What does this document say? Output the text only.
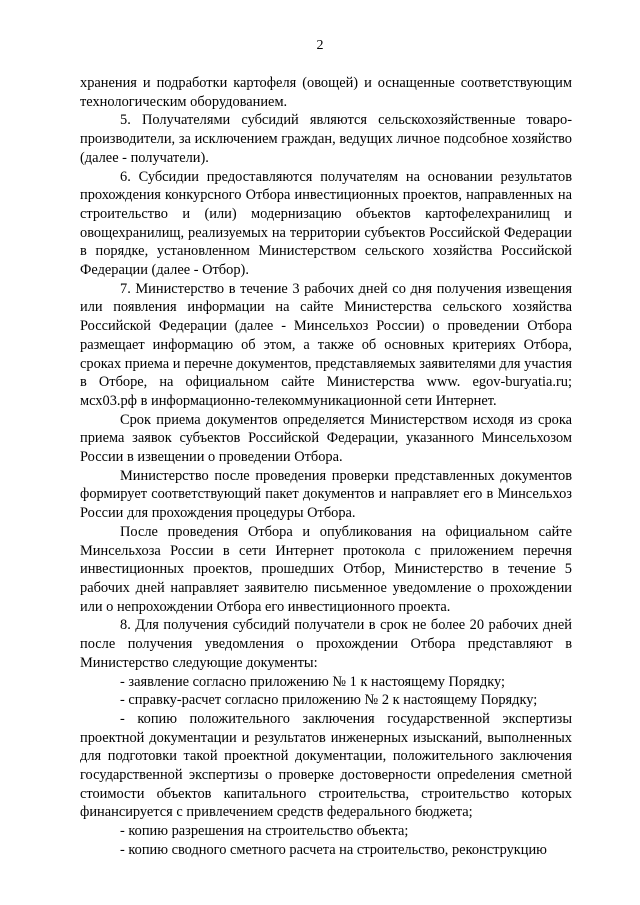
2

хранения и подработки картофеля (овощей) и оснащенные соответствующим технологическим оборудованием.

5. Получателями субсидий являются сельскохозяйственные товаропроизводители, за исключением граждан, ведущих личное подсобное хозяйство (далее - получатели).

6. Субсидии предоставляются получателям на основании результатов прохождения конкурсного Отбора инвестиционных проектов, направленных на строительство и (или) модернизацию объектов картофелехранилищ и овощехранилищ, реализуемых на территории субъектов Российской Федерации в порядке, установленном Министерством сельского хозяйства Российской Федерации (далее - Отбор).

7. Министерство в течение 3 рабочих дней со дня получения извещения или появления информации на сайте Министерства сельского хозяйства Российской Федерации (далее - Минсельхоз России) о проведении Отбора размещает информацию об этом, а также об основных критериях Отбора, сроках приема и перечне документов, представляемых заявителями для участия в Отборе, на официальном сайте Министерства www. egov-buryatia.ru; мсх03.рф в информационно-телекоммуникационной сети Интернет.

Срок приема документов определяется Министерством исходя из срока приема заявок субъектов Российской Федерации, указанного Минсельхозом России в извещении о проведении Отбора.

Министерство после проведения проверки представленных документов формирует соответствующий пакет документов и направляет его в Минсельхоз России для прохождения процедуры Отбора.

После проведения Отбора и опубликования на официальном сайте Минсельхоза России в сети Интернет протокола с приложением перечня инвестиционных проектов, прошедших Отбор, Министерство в течение 5 рабочих дней направляет заявителю письменное уведомление о прохождении или о непрохождении Отбора его инвестиционного проекта.

8. Для получения субсидий получатели в срок не более 20 рабочих дней после получения уведомления о прохождении Отбора представляют в Министерство следующие документы:

- заявление согласно приложению № 1 к настоящему Порядку;

- справку-расчет согласно приложению № 2 к настоящему Порядку;

- копию положительного заключения государственной экспертизы проектной документации и результатов инженерных изысканий, выполненных для подготовки такой проектной документации, положительного заключения государственной экспертизы о проверке достоверности опреdеления сметной стоимости объектов капитального строительства, строительство которых финансируется с привлечением средств федерального бюджета;

- копию разрешения на строительство объекта;

- копию сводного сметного расчета на строительство, реконструкцию
